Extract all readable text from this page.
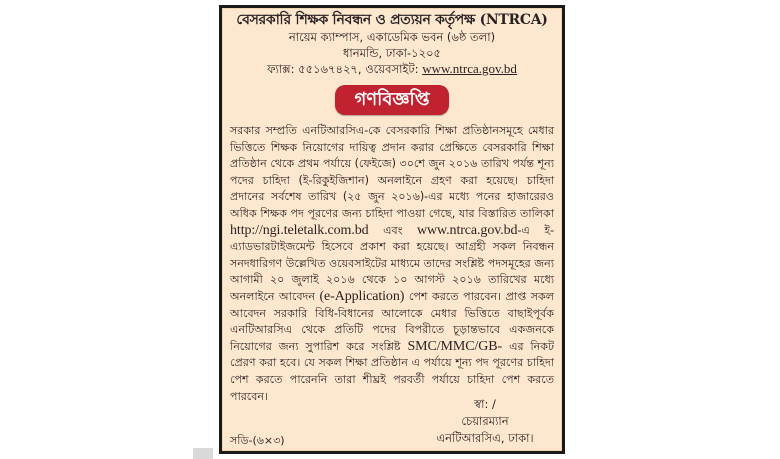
বেসরকারি শিক্ষক নিবন্ধন ও প্রত্যয়ন কর্তৃপক্ষ (NTRCA)
নায়েম ক্যাম্পাস, একাডেমিক ভবন (৬ষ্ঠ তলা)
ধানমন্ডি, ঢাকা-১২০৫
ফ্যাক্স: ৫৫১৬৭৪২৭, ওয়েবসাইট: www.ntrca.gov.bd
গণবিজ্ঞপ্তি
সরকার সম্প্রতি এনটিআরসিএ-কে বেসরকারি শিক্ষা প্রতিষ্ঠানসমূহে মেধার ভিত্তিতে শিক্ষক নিয়োগের দায়িত্ব প্রদান করার প্রেক্ষিতে বেসরকারি শিক্ষা প্রতিষ্ঠান থেকে প্রথম পর্যায়ে (ফেইজে) ৩০শে জুন ২০১৬ তারিখ পর্যন্ত শূন্য পদের চাহিদা (ই-রিকুইজিশান) অনলাইনে গ্রহণ করা হয়েছে। চাহিদা প্রদানের সর্বশেষ তারিখ (২৫ জুন ২০১৬)-এর মধ্যে পনের হাজারেরও অধিক শিক্ষক পদ পূরণের জন্য চাহিদা পাওয়া গেছে, যার বিস্তারিত তালিকা http://ngi.teletalk.com.bd এবং www.ntrca.gov.bd-এ ই-এ্যাডভারটাইজমেন্ট হিসেবে প্রকাশ করা হয়েছে। আগ্রহী সকল নিবন্ধন সনদধারিগণ উল্লেখিত ওয়েবসাইটের মাধ্যমে তাদের সংশ্লিষ্ট পদসমূহের জন্য আগামী ২০ জুলাই ২০১৬ থেকে ১০ আগস্ট ২০১৬ তারিখের মধ্যে অনলাইনে আবেদন (e-Application) পেশ করতে পারবেন। প্রাপ্ত সকল আবেদন সরকারি বিধি-বিধানের আলোকে মেধার ভিত্তিতে বাছাইপূর্বক এনটিআরসিএ থেকে প্রতিটি পদের বিপরীতে চূড়ান্তভাবে একজনকে নিয়োগের জন্য সুপারিশ করে সংশ্লিষ্ট SMC/MMC/GB- এর নিকট প্রেরণ করা হবে। যে সকল শিক্ষা প্রতিষ্ঠান এ পর্যায়ে শূন্য পদ পূরণের চাহিদা পেশ করতে পারেননি তারা শীঘ্রই পরবর্তী পর্যায়ে চাহিদা পেশ করতে পারবেন।
স্বা: /
চেয়ারম্যান
এনটিআরসিএ, ঢাকা।
সডি-(৬×৩)
